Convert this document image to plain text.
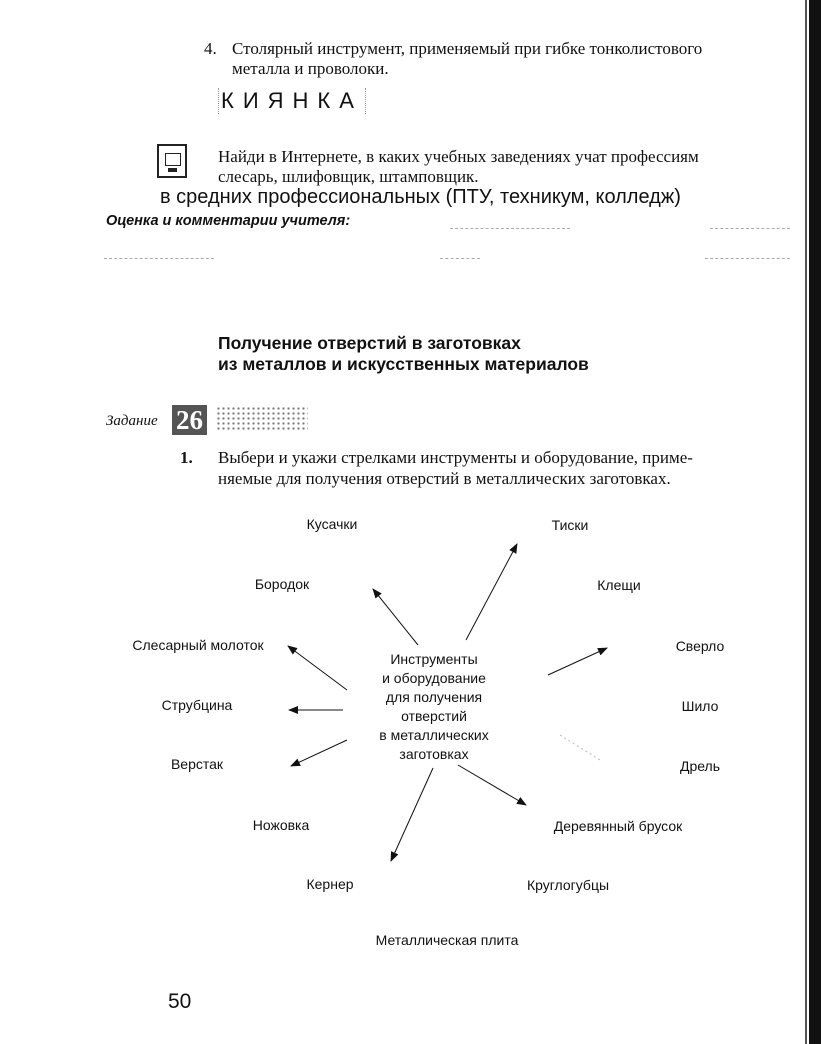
4. Столярный инструмент, применяемый при гибке тонколистового
металла и проволоки.
КИЯНКА
Найди в Интернете, в каких учебных заведениях учат профессиям
слесарь, шлифовщик, штамповщик.
в средних профессиональных (ПТУ, техникум, колледж)
Оценка и комментарии учителя:
Получение отверстий в заготовках
из металлов и искусственных материалов
Задание 26
1. Выбери и укажи стрелками инструменты и оборудование, приме-
няемые для получения отверстий в металлических заготовках.
Инструменты
и оборудование
для получения
отверстий
в металлических
заготовках
Кусачки	Тиски
Бородок	Клещи
Слесарный молоток	Сверло
Струбцина	Шило
Верстак	Дрель
Ножовка	Деревянный брусок
Кернер	Круглогубцы
Металлическая плита
50
